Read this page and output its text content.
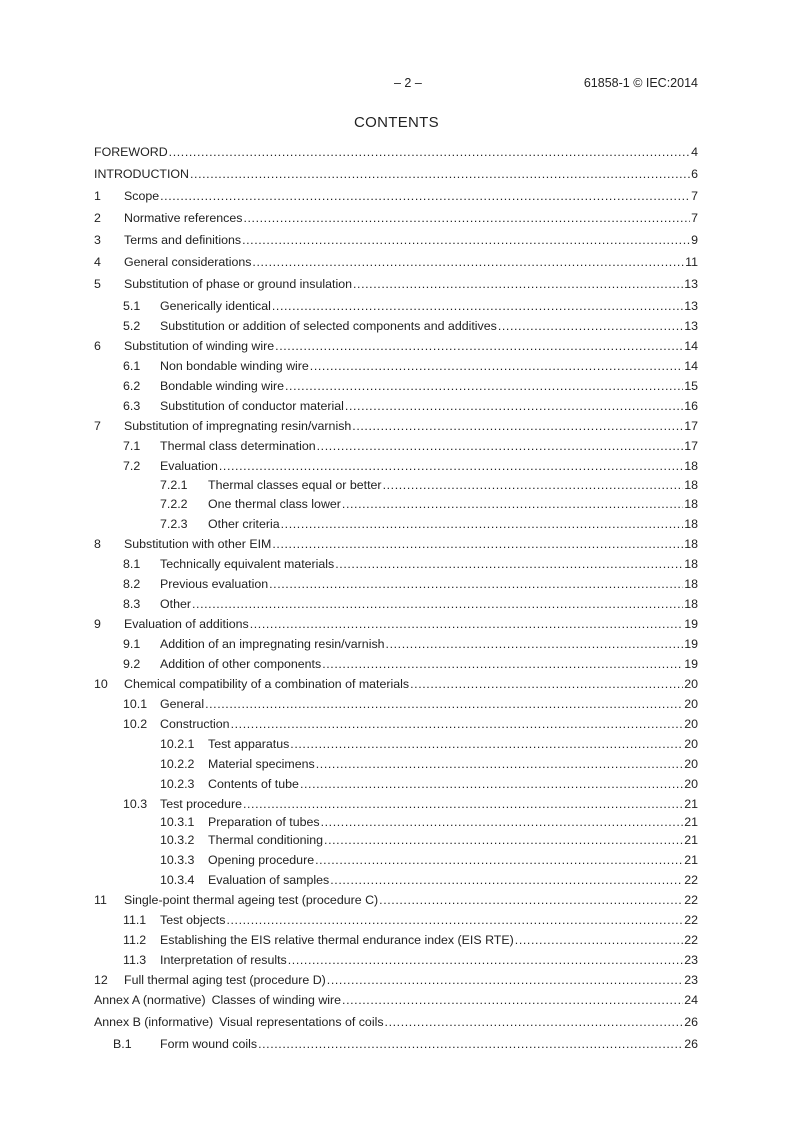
– 2 –	61858-1 © IEC:2014
CONTENTS
FOREWORD .....	4
INTRODUCTION .....	6
1	Scope .....	7
2	Normative references .....	7
3	Terms and definitions .....	9
4	General considerations .....	11
5	Substitution of phase or ground insulation .....	13
5.1	Generically identical .....	13
5.2	Substitution or addition of selected components and additives .....	13
6	Substitution of winding wire .....	14
6.1	Non bondable winding wire .....	14
6.2	Bondable winding wire .....	15
6.3	Substitution of conductor material .....	16
7	Substitution of impregnating resin/varnish .....	17
7.1	Thermal class determination .....	17
7.2	Evaluation .....	18
7.2.1	Thermal classes equal or better .....	18
7.2.2	One thermal class lower .....	18
7.2.3	Other criteria .....	18
8	Substitution with other EIM .....	18
8.1	Technically equivalent materials .....	18
8.2	Previous evaluation .....	18
8.3	Other .....	18
9	Evaluation of additions .....	19
9.1	Addition of an impregnating resin/varnish .....	19
9.2	Addition of other components .....	19
10	Chemical compatibility of a combination of materials .....	20
10.1	General .....	20
10.2	Construction .....	20
10.2.1	Test apparatus .....	20
10.2.2	Material specimens .....	20
10.2.3	Contents of tube .....	20
10.3	Test procedure .....	21
10.3.1	Preparation of tubes .....	21
10.3.2	Thermal conditioning .....	21
10.3.3	Opening procedure .....	21
10.3.4	Evaluation of samples .....	22
11	Single-point thermal ageing test (procedure C) .....	22
11.1	Test objects .....	22
11.2	Establishing the EIS relative thermal endurance index (EIS RTE) .....	22
11.3	Interpretation of results .....	23
12	Full thermal aging test (procedure D) .....	23
Annex A (normative) Classes of winding wire .....	24
Annex B (informative) Visual representations of coils .....	26
B.1	Form wound coils .....	26
